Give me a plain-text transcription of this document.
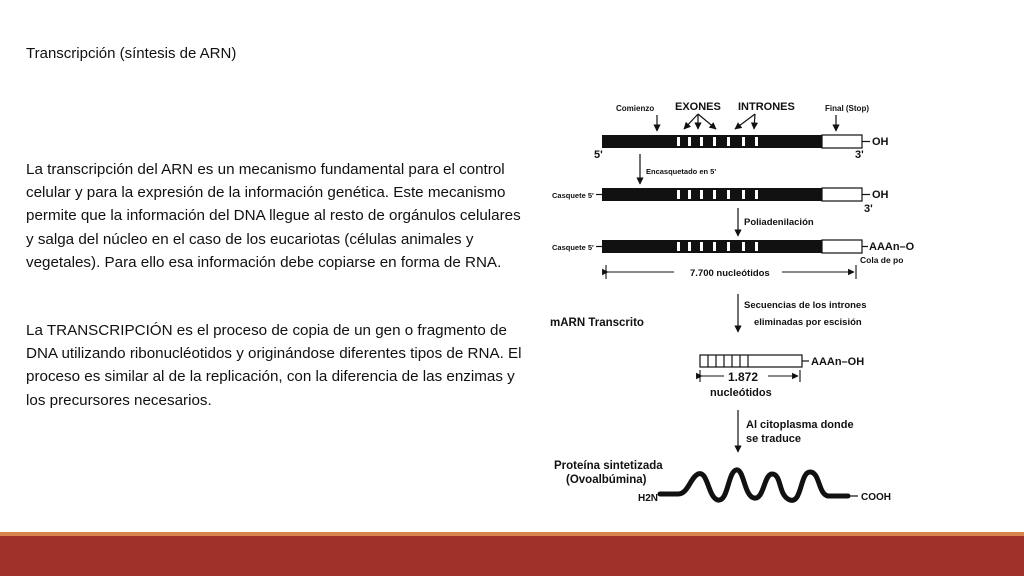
Transcripción (síntesis de ARN)
La transcripción del ARN es un mecanismo fundamental para el control celular y para la expresión de la información genética. Este mecanismo permite que la información del DNA llegue al resto de orgánulos celulares y salga del núcleo en el caso de los eucariotas (células animales y vegetales). Para ello esa información debe copiarse en forma de RNA.
La TRANSCRIPCIÓN es el proceso de copia de un gen o fragmento de DNA utilizando ribonucléotidos y originándose diferentes tipos de RNA. El proceso es similar al de la replicación, con la diferencia de las enzimas y los precursores necesarios.
Comienzo EXONES INTRONES	Final (Stop)
OH
5'	3'
Encasquetado en 5'
Casquete 5'	OH
3'
Poliadenilación
Casquete 5'	AAAn–O
Cola de po
7.700 nucleótidos
Secuencias de los intrones
eliminadas por escisión
mARN Transcrito
AAAn–OH
1.872
nucleótidos
Al citoplasma donde
se traduce
Proteína sintetizada
(Ovoalbúmina)
H2N	COOH
